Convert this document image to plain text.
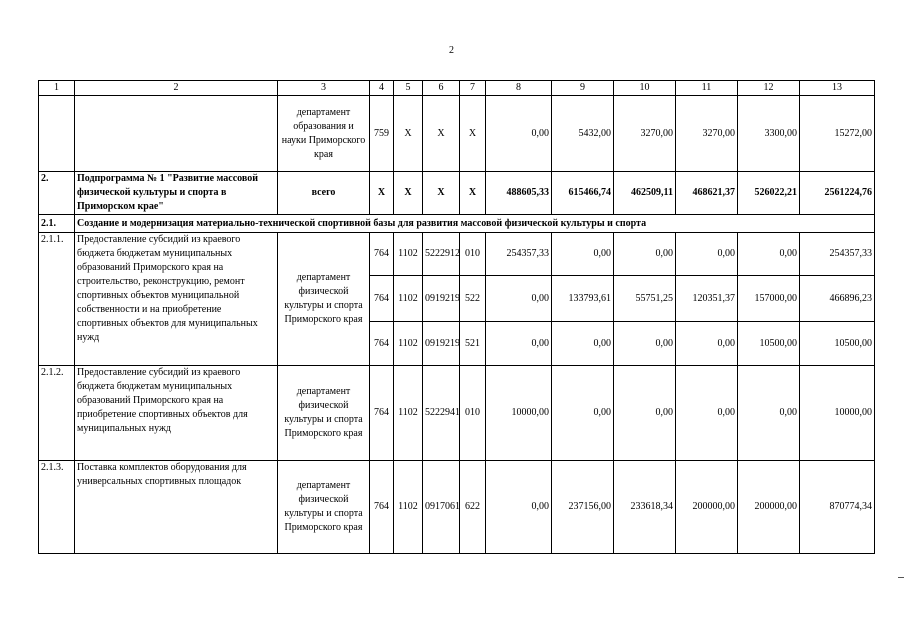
2
1	2	3	4	5	6	7	8	9	10	11	12	13
		департамент образования и науки Приморского края	759	Х	Х	Х	0,00	5432,00	3270,00	3270,00	3300,00	15272,00
2.	Подпрограмма № 1 "Развитие массовой физической культуры и спорта в Приморском крае"	всего	Х	Х	Х	Х	488605,33	615466,74	462509,11	468621,37	526022,21	2561224,76
2.1.	Создание и модернизация материально-технической спортивной базы для развития массовой физической культуры и спорта											
2.1.1.	Предоставление субсидий из краевого бюджета бюджетам муниципальных образований Приморского края на строительство, реконструкцию, ремонт спортивных объектов муниципальной собственности и на приобретение спортивных объектов для муниципальных нужд	департамент физической культуры и спорта Приморского края	764	1102	5222912	010	254357,33	0,00	0,00	0,00	0,00	254357,33
			764	1102	0919219	522	0,00	133793,61	55751,25	120351,37	157000,00	466896,23
			764	1102	0919219	521	0,00	0,00	0,00	0,00	10500,00	10500,00
2.1.2.	Предоставление субсидий из краевого бюджета бюджетам муниципальных образований Приморского края на приобретение спортивных объектов для муниципальных нужд	департамент физической культуры и спорта Приморского края	764	1102	5222941	010	10000,00	0,00	0,00	0,00	0,00	10000,00
2.1.3.	Поставка комплектов оборудования для универсальных спортивных площадок	департамент физической культуры и спорта Приморского края	764	1102	0917061	622	0,00	237156,00	233618,34	200000,00	200000,00	870774,34
